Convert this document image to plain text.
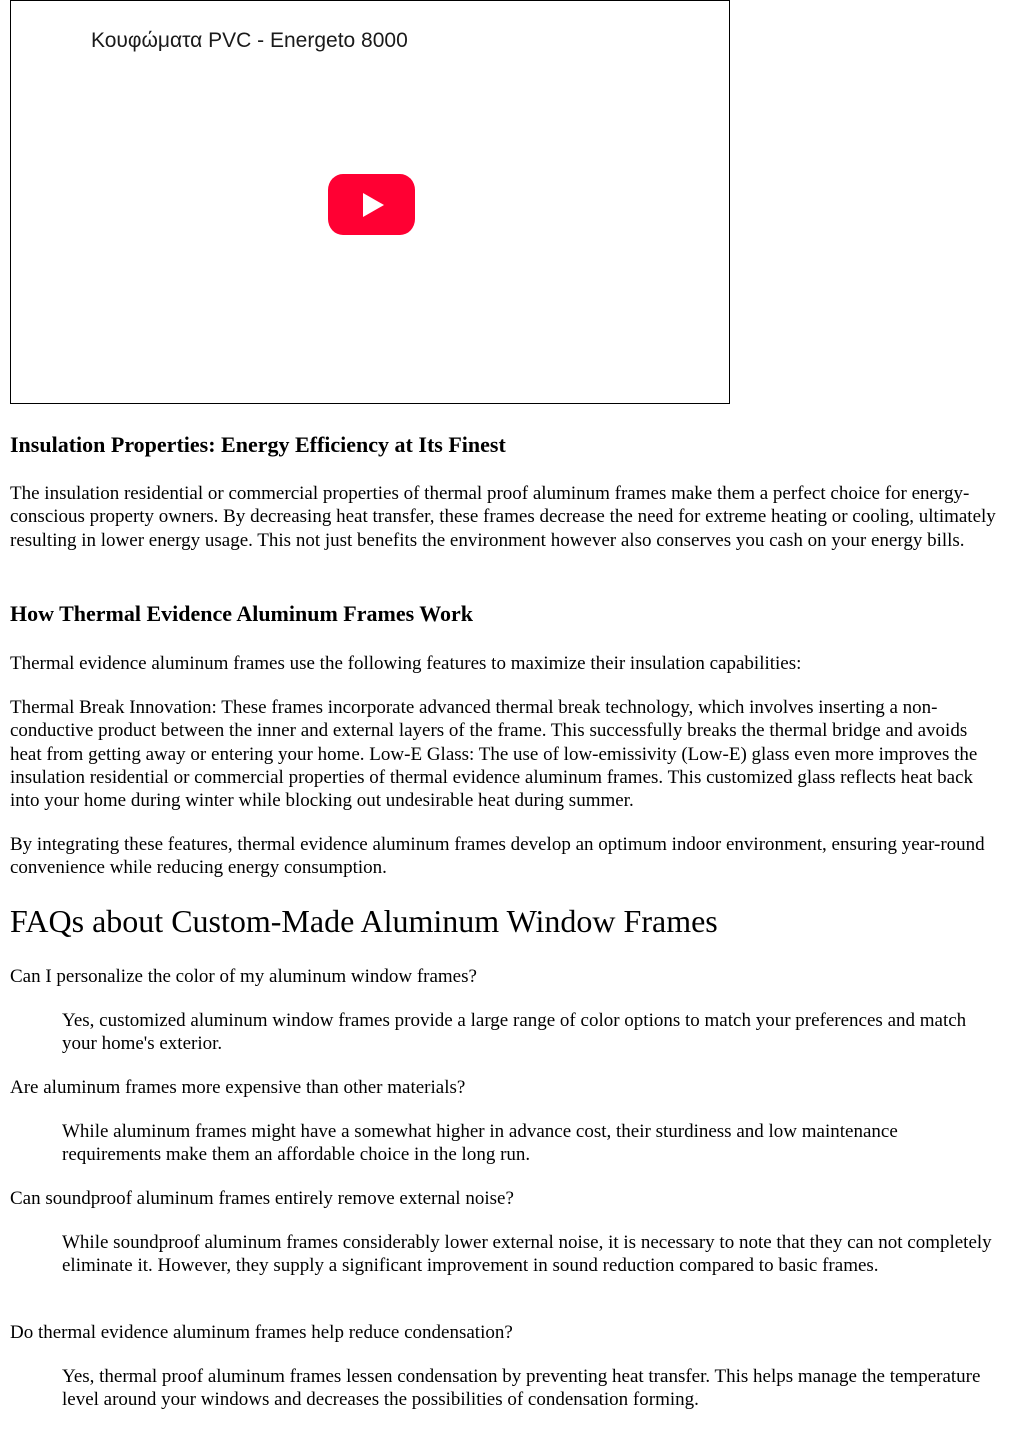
Κουφώματα PVC - Energeto 8000
Insulation Properties: Energy Efficiency at Its Finest

The insulation residential or commercial properties of thermal proof aluminum frames make them a perfect choice for energy-conscious property owners. By decreasing heat transfer, these frames decrease the need for extreme heating or cooling, ultimately resulting in lower energy usage. This not just benefits the environment however also conserves you cash on your energy bills.

How Thermal Evidence Aluminum Frames Work

Thermal evidence aluminum frames use the following features to maximize their insulation capabilities:

Thermal Break Innovation: These frames incorporate advanced thermal break technology, which involves inserting a non-conductive product between the inner and external layers of the frame. This successfully breaks the thermal bridge and avoids heat from getting away or entering your home. Low-E Glass: The use of low-emissivity (Low-E) glass even more improves the insulation residential or commercial properties of thermal evidence aluminum frames. This customized glass reflects heat back into your home during winter while blocking out undesirable heat during summer.

By integrating these features, thermal evidence aluminum frames develop an optimum indoor environment, ensuring year-round convenience while reducing energy consumption.

FAQs about Custom-Made Aluminum Window Frames

Can I personalize the color of my aluminum window frames?

Yes, customized aluminum window frames provide a large range of color options to match your preferences and match your home's exterior.

Are aluminum frames more expensive than other materials?

While aluminum frames might have a somewhat higher in advance cost, their sturdiness and low maintenance requirements make them an affordable choice in the long run.

Can soundproof aluminum frames entirely remove external noise?

While soundproof aluminum frames considerably lower external noise, it is necessary to note that they can not completely eliminate it. However, they supply a significant improvement in sound reduction compared to basic frames.

Do thermal evidence aluminum frames help reduce condensation?

Yes, thermal proof aluminum frames lessen condensation by preventing heat transfer. This helps manage the temperature level around your windows and decreases the possibilities of condensation forming.
